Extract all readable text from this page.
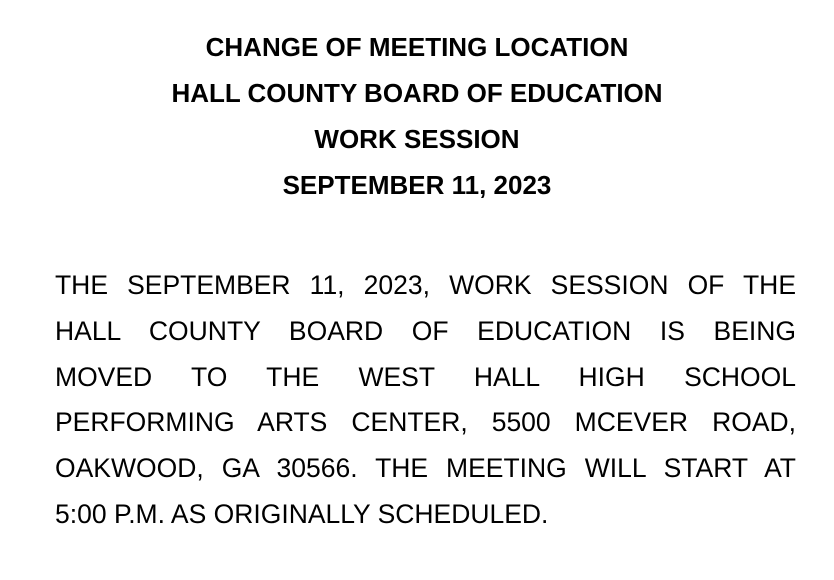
CHANGE OF MEETING LOCATION
HALL COUNTY BOARD OF EDUCATION
WORK SESSION
SEPTEMBER 11, 2023
THE SEPTEMBER 11, 2023, WORK SESSION OF THE
HALL COUNTY BOARD OF EDUCATION IS BEING
MOVED TO THE WEST HALL HIGH SCHOOL
PERFORMING ARTS CENTER, 5500 MCEVER ROAD,
OAKWOOD, GA 30566. THE MEETING WILL START AT
5:00 P.M. AS ORIGINALLY SCHEDULED.
